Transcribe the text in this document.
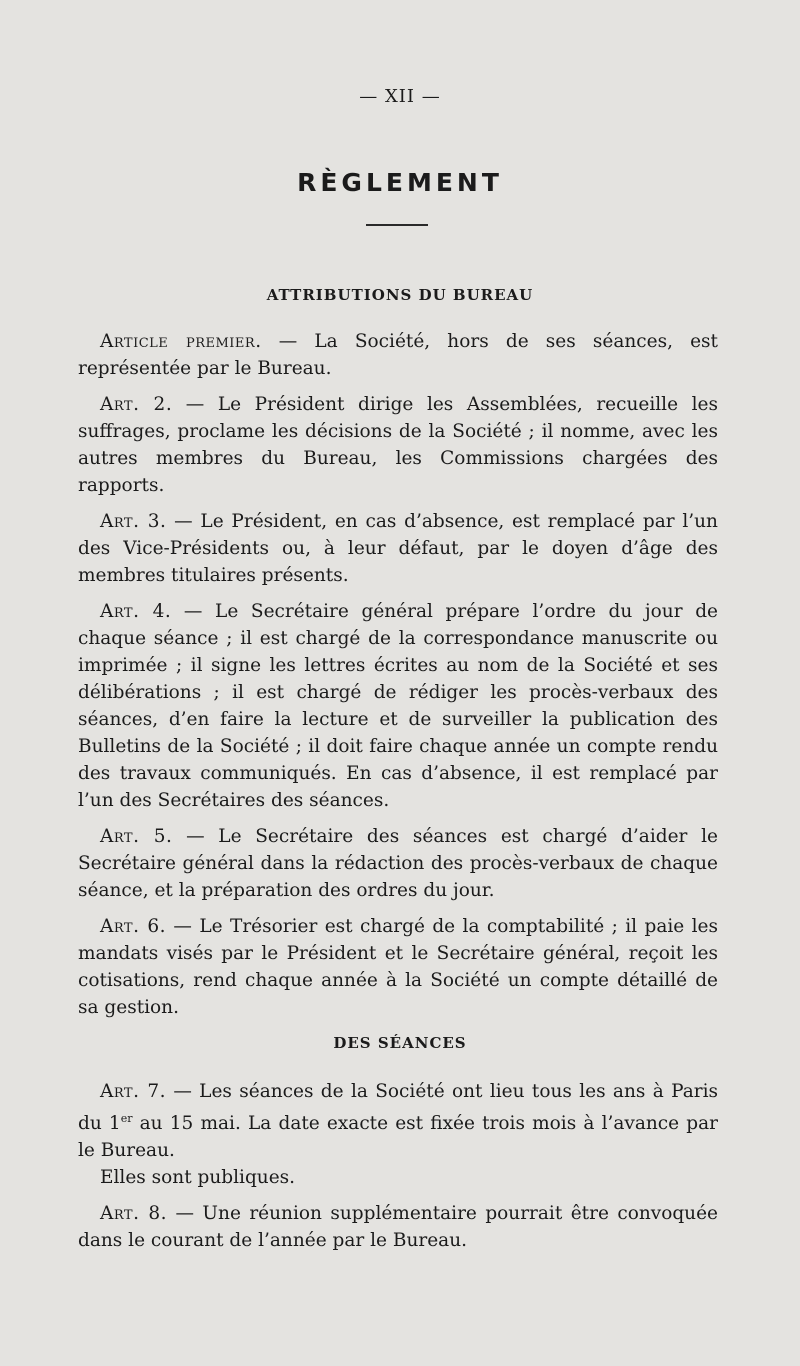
— XII —
RÈGLEMENT
ATTRIBUTIONS DU BUREAU

Article premier. — La Société, hors de ses séances, est représentée par le Bureau.

Art. 2. — Le Président dirige les Assemblées, recueille les suffrages, proclame les décisions de la Société ; il nomme, avec les autres membres du Bureau, les Commissions chargées des rapports.

Art. 3. — Le Président, en cas d’absence, est remplacé par l’un des Vice-Présidents ou, à leur défaut, par le doyen d’âge des membres titulaires présents.

Art. 4. — Le Secrétaire général prépare l’ordre du jour de chaque séance ; il est chargé de la correspondance manuscrite ou imprimée ; il signe les lettres écrites au nom de la Société et ses délibérations ; il est chargé de rédiger les procès-verbaux des séances, d’en faire la lecture et de surveiller la publication des Bulletins de la Société ; il doit faire chaque année un compte rendu des travaux communiqués. En cas d’absence, il est remplacé par l’un des Secrétaires des séances.

Art. 5. — Le Secrétaire des séances est chargé d’aider le Secrétaire général dans la rédaction des procès-verbaux de chaque séance, et la préparation des ordres du jour.

Art. 6. — Le Trésorier est chargé de la comptabilité ; il paie les mandats visés par le Président et le Secrétaire général, reçoit les cotisations, rend chaque année à la Société un compte détaillé de sa gestion.

DES SÉANCES

Art. 7. — Les séances de la Société ont lieu tous les ans à Paris du 1er au 15 mai. La date exacte est fixée trois mois à l’avance par le Bureau.

Elles sont publiques.

Art. 8. — Une réunion supplémentaire pourrait être convoquée dans le courant de l’année par le Bureau.
